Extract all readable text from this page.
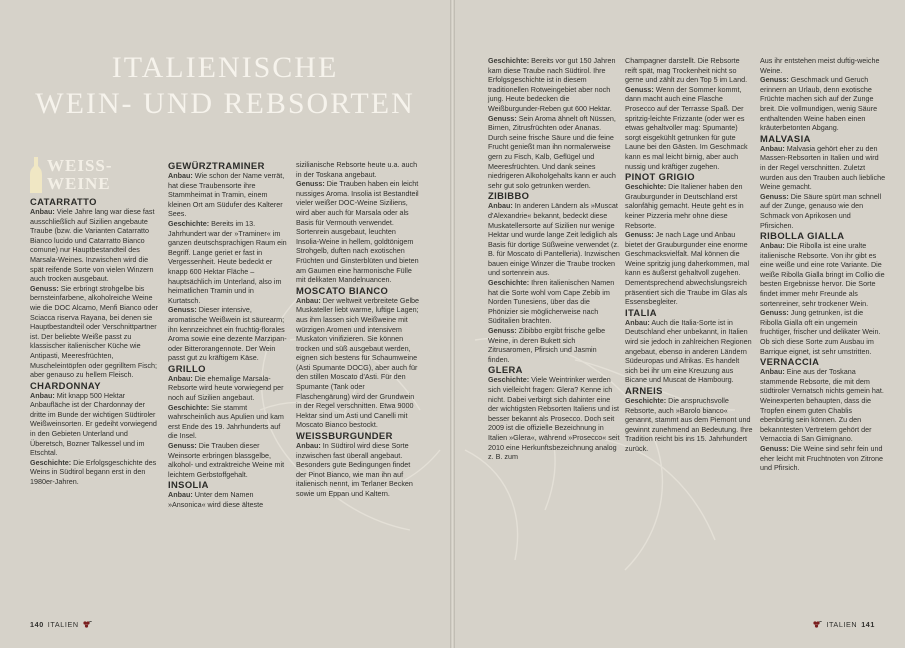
ITALIENISCHE
WEIN- UND REBSORTEN
WEISS-
WEINE

CATARRATTO

Anbau: Viele Jahre lang war diese fast ausschließlich auf Sizilien angebaute Traube (bzw. die Varianten Catarratto Bianco lucido und Catarratto Bianco comune) nur Hauptbestandteil des Marsala-Weines. Inzwischen wird die spät reifende Sorte von vielen Winzern auch trocken ausgebaut.

Genuss: Sie erbringt strohgelbe bis bernsteinfarbene, alkoholreiche Weine wie die DOC Alcamo, Menfi Bianco oder Sciacca riserva Rayana, bei denen sie Hauptbestandteil oder Verschnittpartner ist. Der beliebte Weiße passt zu klassischer italienischer Küche wie Antipasti, Meeresfrüchten, Muscheleintöpfen oder gegrilltem Fisch; aber genauso zu hellem Fleisch.

CHARDONNAY

Anbau: Mit knapp 500 Hektar Anbaufläche ist der Chardonnay der dritte im Bunde der wichtigen Südtiroler Weißweinsorten. Er gedeiht vorwiegend in den Gebieten Unterland und Überetsch, Bozner Talkessel und im Etschtal.

Geschichte: Die Erfolgsgeschichte des Weins in Südtirol begann erst in den 1980er-Jahren.

GEWÜRZTRAMINER

Anbau: Wie schon der Name verrät, hat diese Traubensorte ihre Stammheimat in Tramin, einem kleinen Ort am Südufer des Kalterer Sees.

Geschichte: Bereits im 13. Jahrhundert war der »Traminer« im ganzen deutschsprachigen Raum ein Begriff. Lange geriet er fast in Vergessenheit. Heute bedeckt er knapp 600 Hektar Fläche – hauptsächlich im Unterland, also im heimatlichen Tramin und in Kurtatsch.

Genuss: Dieser intensive, aromatische Weißwein ist säurearm; ihn kennzeichnet ein fruchtig-florales Aroma sowie eine dezente Marzipan- oder Bitterorangennote. Der Wein passt gut zu kräftigem Käse.

GRILLO

Anbau: Die ehemalige Marsala-Rebsorte wird heute vorwiegend per noch auf Sizilien angebaut.

Geschichte: Sie stammt wahrscheinlich aus Apulien und kam erst Ende des 19. Jahrhunderts auf die Insel.

Genuss: Die Trauben dieser Weinsorte erbringen blassgelbe, alkohol- und extraktreiche Weine mit leichtem Gerbstoffgehalt.

INSOLIA

Anbau: Unter dem Namen »Ansonica« wird diese älteste

sizilianische Rebsorte heute u.a. auch in der Toskana angebaut.

Genuss: Die Trauben haben ein leicht nussiges Aroma. Insolia ist Bestandteil vieler weißer DOC-Weine Siziliens, wird aber auch für Marsala oder als Basis für Vermouth verwendet. Sortenrein ausgebaut, leuchten Insolia-Weine in hellem, goldtönigem Strohgelb, duften nach exotischen Früchten und Ginsterblüten und bieten am Gaumen eine harmonische Fülle mit delikaten Mandelnuancen.

MOSCATO BIANCO

Anbau: Der weltweit verbreitete Gelbe Muskateller liebt warme, luftige Lagen; aus ihm lassen sich Weißweine mit würzigen Aromen und intensivem Muskaton vinifizieren. Sie können trocken und süß ausgebaut werden, eignen sich bestens für Schaumweine (Asti Spumante DOCG), aber auch für den stillen Moscato d'Asti. Für den Spumante (Tank oder Flaschengärung) wird der Grundwein in der Regel verschnitten. Etwa 9000 Hektar sind um Asti und Canelli mit Moscato Bianco bestockt.

WEISSBURGUNDER

Anbau: In Südtirol wird diese Sorte inzwischen fast überall angebaut. Besonders gute Bedingungen findet der Pinot Bianco, wie man ihn auf italienisch nennt, im Terlaner Becken sowie um Eppan und Kaltern.

140 ITALIEN

Geschichte: Bereits vor gut 150 Jahren kam diese Traube nach Südtirol. Ihre Erfolgsgeschichte ist in diesem traditionellen Rotweingebiet aber noch jung. Heute bedecken die Weißburgunder-Reben gut 600 Hektar.

Genuss: Sein Aroma ähnelt oft Nüssen, Birnen, Zitrusfrüchten oder Ananas. Durch seine frische Säure und die feine Frucht genießt man ihn normalerweise gern zu Fisch, Kalb, Geflügel und Meeresfrüchten. Und dank seines niedrigeren Alkoholgehalts kann er auch sehr gut solo getrunken werden.

ZIBIBBO

Anbau: In anderen Ländern als »Muscat d'Alexandrie« bekannt, bedeckt diese Muskatellersorte auf Sizilien nur wenige Hektar und wurde lange Zeit lediglich als Basis für dortige Süßweine verwendet (z. B. für Moscato di Pantelleria). Inzwischen bauen einige Winzer die Traube trocken und sortenrein aus.

Geschichte: Ihren italienischen Namen hat die Sorte wohl vom Cape Zebib im Norden Tunesiens, über das die Phönizier sie möglicherweise nach Süditalien brachten.

Genuss: Zibibbo ergibt frische gelbe Weine, in deren Bukett sich Zitrusaromen, Pfirsich und Jasmin finden.

GLERA

Geschichte: Viele Weintrinker werden sich vielleicht fragen: Glera? Kenne ich nicht. Dabei verbirgt sich dahinter eine der wichtigsten Rebsorten Italiens und ist besser bekannt als Prosecco. Doch seit 2009 ist die offizielle Bezeichnung in Italien »Glera«, während »Prosecco« seit 2010 eine Herkunftsbezeichnung analog z. B. zum

Champagner darstellt. Die Rebsorte reift spät, mag Trockenheit nicht so gerne und zählt zu den Top 5 im Land.

Genuss: Wenn der Sommer kommt, dann macht auch eine Flasche Prosecco auf der Terrasse Spaß. Der spritzig-leichte Frizzante (oder wer es etwas gehaltvoller mag: Spumante) sorgt eisgekühlt getrunken für gute Laune bei den Gästen. Im Geschmack kann es mal leicht birnig, aber auch nussig und kräftiger zugehen.

PINOT GRIGIO

Geschichte: Die Italiener haben den Grauburgunder in Deutschland erst salonfähig gemacht. Heute geht es in keiner Pizzeria mehr ohne diese Rebsorte.

Genuss: Je nach Lage und Anbau bietet der Grauburgunder eine enorme Geschmacksvielfalt. Mal können die Weine spritzig jung daherkommen, mal kann es äußerst gehaltvoll zugehen. Dementsprechend abwechslungsreich präsentiert sich die Traube im Glas als Essensbegleiter.

ITALIA

Anbau: Auch die Italia-Sorte ist in Deutschland eher unbekannt, in Italien wird sie jedoch in zahlreichen Regionen angebaut, ebenso in anderen Ländern Südeuropas und Afrikas. Es handelt sich bei ihr um eine Kreuzung aus Bicane und Muscat de Hambourg.

ARNEIS

Geschichte: Die anspruchsvolle Rebsorte, auch »Barolo bianco« genannt, stammt aus dem Piemont und gewinnt zunehmend an Bedeutung. Ihre Tradition reicht bis ins 15. Jahrhundert zurück.

Aus ihr entstehen meist duftig-weiche Weine.

Genuss: Geschmack und Geruch erinnern an Urlaub, denn exotische Früchte machen sich auf der Zunge breit. Die vollmundigen, wenig Säure enthaltenden Weine haben einen kräuterbetonten Abgang.

MALVASIA

Anbau: Malvasia gehört eher zu den Massen-Rebsorten in Italien und wird in der Regel verschnitten. Zuletzt wurden aus den Trauben auch liebliche Weine gemacht.

Genuss: Die Säure spürt man schnell auf der Zunge, genauso wie den Schmack von Aprikosen und Pfirsichen.

RIBOLLA GIALLA

Anbau: Die Ribolla ist eine uralte italienische Rebsorte. Von ihr gibt es eine weiße und eine rote Variante. Die weiße Ribolla Gialla bringt im Collio die besten Ergebnisse hervor. Die Sorte findet immer mehr Freunde als sortenreiner, sehr trockener Wein.

Genuss: Jung getrunken, ist die Ribolla Gialla oft ein ungemein fruchtiger, frischer und delikater Wein. Ob sich diese Sorte zum Ausbau im Barrique eignet, ist sehr umstritten.

VERNACCIA

Anbau: Eine aus der Toskana stammende Rebsorte, die mit dem südtiroler Vernatsch nichts gemein hat. Weinexperten behaupten, dass die Tropfen einem guten Chablis ebenbürtig sein können. Zu den bekanntesten Vertretern gehört der Vernaccia di San Gimignano.

Genuss: Die Weine sind sehr fein und eher leicht mit Fruchtnoten von Zitrone und Pfirsich.

ITALIEN 141
